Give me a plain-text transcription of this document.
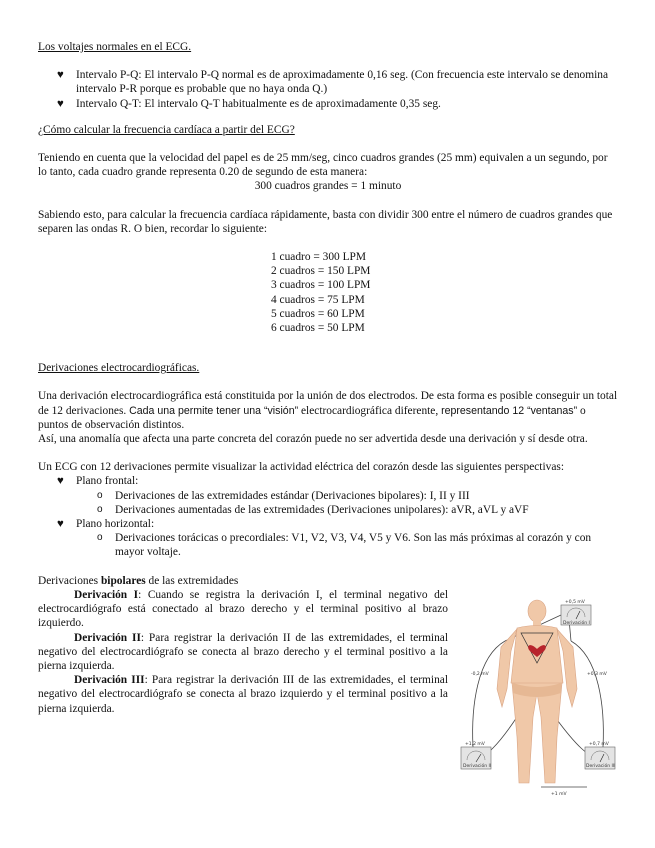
Los voltajes normales en el ECG.

♥ Intervalo P-Q: El intervalo P-Q normal es de aproximadamente 0,16 seg. (Con frecuencia este intervalo se denomina intervalo P-R porque es probable que no haya onda Q.)
♥ Intervalo Q-T: El intervalo Q-T habitualmente es de aproximadamente 0,35 seg.

¿Cómo calcular la frecuencia cardíaca a partir del ECG?

Teniendo en cuenta que la velocidad del papel es de 25 mm/seg, cinco cuadros grandes (25 mm) equivalen a un segundo, por lo tanto, cada cuadro grande representa 0.20 de segundo de esta manera:

300 cuadros grandes = 1 minuto

Sabiendo esto, para calcular la frecuencia cardíaca rápidamente, basta con dividir 300 entre el número de cuadros grandes que separen las ondas R. O bien, recordar lo siguiente:

1 cuadro = 300 LPM

2 cuadros = 150 LPM

3 cuadros = 100 LPM

4 cuadros = 75 LPM

5 cuadros = 60 LPM

6 cuadros = 50 LPM

Derivaciones electrocardiográficas.

Una derivación electrocardiográfica está constituida por la unión de dos electrodos. De esta forma es posible conseguir un total de 12 derivaciones. Cada una permite tener una “visión” electrocardiográfica diferente, representando 12 “ventanas” o puntos de observación distintos.

Así, una anomalía que afecta una parte concreta del corazón puede no ser advertida desde una derivación y sí desde otra.

Un ECG con 12 derivaciones permite visualizar la actividad eléctrica del corazón desde las siguientes perspectivas:

♥ Plano frontal:
o Derivaciones de las extremidades estándar (Derivaciones bipolares): I, II y III
o Derivaciones aumentadas de las extremidades (Derivaciones unipolares): aVR, aVL y aVF
♥ Plano horizontal:
o Derivaciones torácicas o precordiales: V1, V2, V3, V4, V5 y V6. Son las más próximas al corazón y con mayor voltaje.

Derivaciones bipolares de las extremidades

Derivación I: Cuando se registra la derivación I, el terminal negativo del electrocardiógrafo está conectado al brazo derecho y el terminal positivo al brazo izquierdo.

Derivación II: Para registrar la derivación II de las extremidades, el terminal negativo del electrocardiógrafo se conecta al brazo derecho y el terminal positivo a la pierna izquierda.

Derivación III: Para registrar la derivación III de las extremidades, el terminal negativo del electrocardiógrafo se conecta al brazo izquierdo y el terminal positivo a la pierna izquierda.

+0,5 mV
Derivación I
+1,2 mV
Derivación II
+0,7 mV
Derivación III
-0,2 mV	+0,3 mV
+1 mV
